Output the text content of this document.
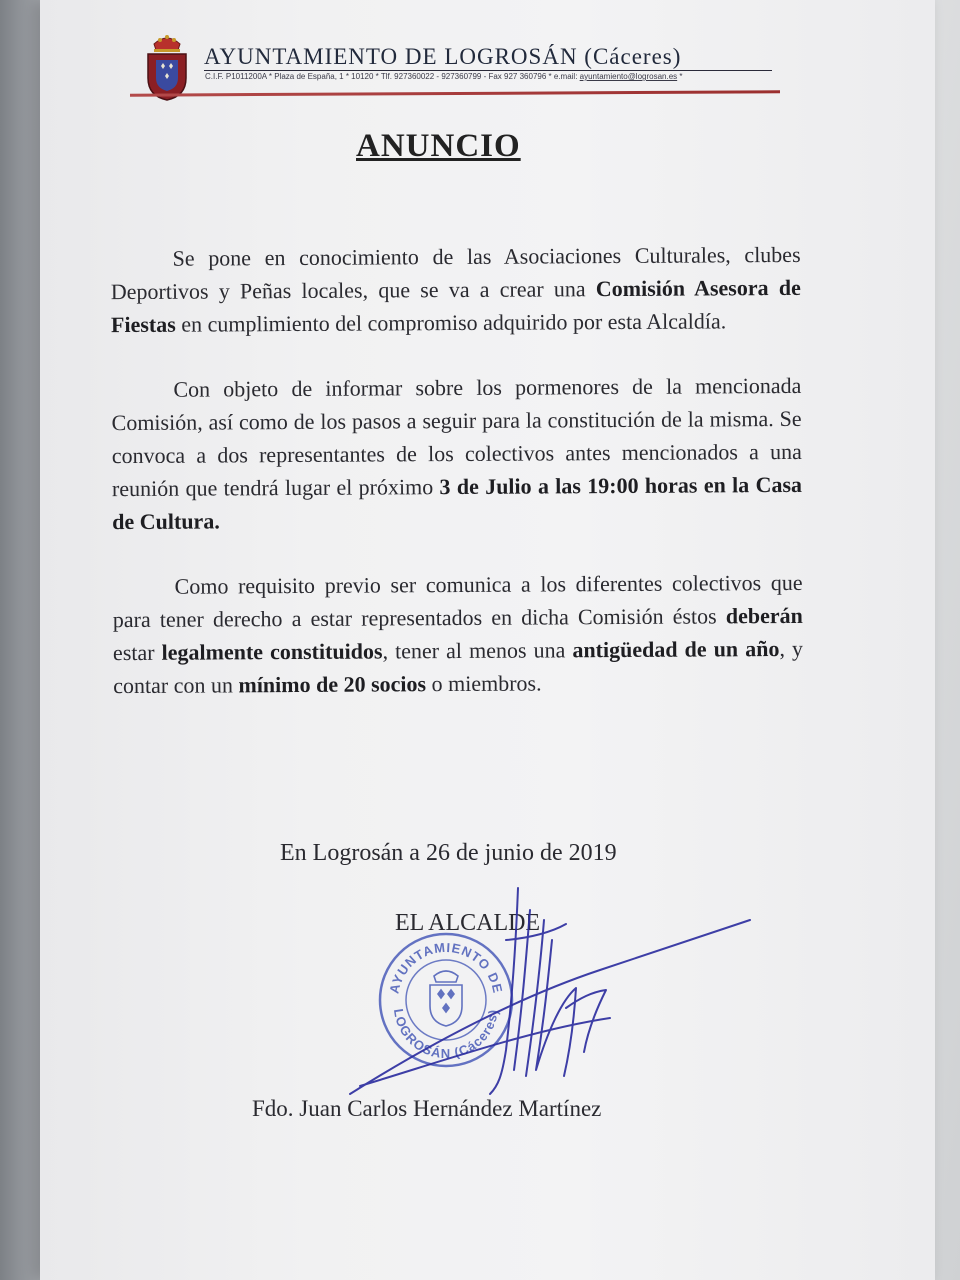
AYUNTAMIENTO DE LOGROSÁN (Cáceres)
C.I.F. P1011200A * Plaza de España, 1 * 10120 * Tlf. 927360022 - 927360799 - Fax 927 360796 * e.mail: ayuntamiento@logrosan.es *
ANUNCIO

Se pone en conocimiento de las Asociaciones Culturales, clubes Deportivos y Peñas locales, que se va a crear una Comisión Asesora de Fiestas en cumplimiento del compromiso adquirido por esta Alcaldía.

Con objeto de informar sobre los pormenores de la mencionada Comisión, así como de los pasos a seguir para la constitución de la misma. Se convoca a dos representantes de los colectivos antes mencionados a una reunión que tendrá lugar el próximo 3 de Julio a las 19:00 horas en la Casa de Cultura.

Como requisito previo ser comunica a los diferentes colectivos que para tener derecho a estar representados en dicha Comisión éstos deberán estar legalmente constituidos, tener al menos una antigüedad de un año, y contar con un mínimo de 20 socios o miembros.

En Logrosán a 26 de junio de 2019
EL ALCALDE
AYUNTAMIENTO DE
LOGROSÁN (Cáceres)
Fdo. Juan Carlos Hernández Martínez
